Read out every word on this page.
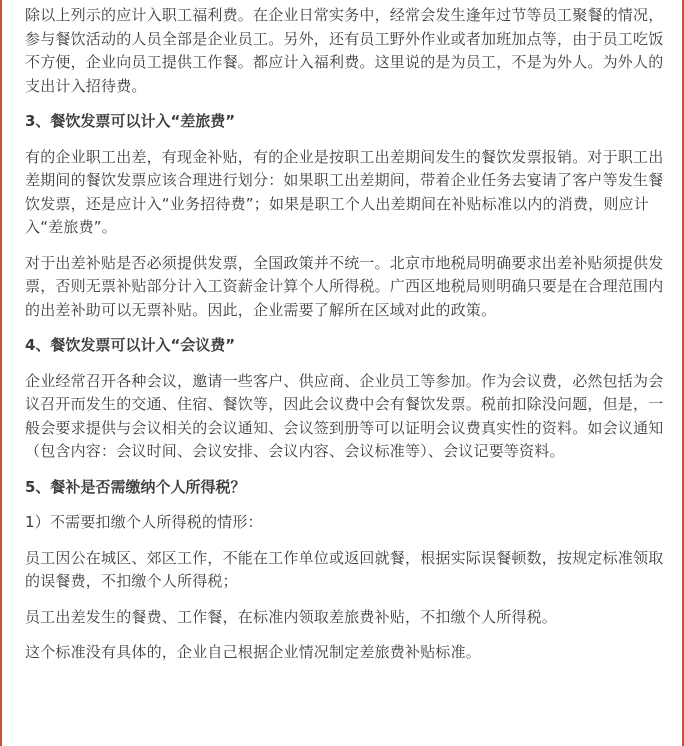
除以上列示的应计入职工福利费。在企业日常实务中，经常会发生逢年过节等员工聚餐的情况，参与餐饮活动的人员全部是企业员工。另外，还有员工野外作业或者加班加点等，由于员工吃饭不方便，企业向员工提供工作餐。都应计入福利费。这里说的是为员工，不是为外人。为外人的支出计入招待费。

3、餐饮发票可以计入“差旅费”

有的企业职工出差，有现金补贴，有的企业是按职工出差期间发生的餐饮发票报销。对于职工出差期间的餐饮发票应该合理进行划分：如果职工出差期间，带着企业任务去宴请了客户等发生餐饮发票，还是应计入“业务招待费”；如果是职工个人出差期间在补贴标准以内的消费，则应计入“差旅费”。

对于出差补贴是否必须提供发票，全国政策并不统一。北京市地税局明确要求出差补贴须提供发票，否则无票补贴部分计入工资薪金计算个人所得税。广西区地税局则明确只要是在合理范围内的出差补助可以无票补贴。因此，企业需要了解所在区域对此的政策。

4、餐饮发票可以计入“会议费”

企业经常召开各种会议，邀请一些客户、供应商、企业员工等参加。作为会议费，必然包括为会议召开而发生的交通、住宿、餐饮等，因此会议费中会有餐饮发票。税前扣除没问题，但是，一般会要求提供与会议相关的会议通知、会议签到册等可以证明会议费真实性的资料。如会议通知（包含内容：会议时间、会议安排、会议内容、会议标准等）、会议记要等资料。

5、餐补是否需缴纳个人所得税？

1）不需要扣缴个人所得税的情形：

员工因公在城区、郊区工作，不能在工作单位或返回就餐，根据实际误餐顿数，按规定标准领取的误餐费，不扣缴个人所得税；

员工出差发生的餐费、工作餐，在标准内领取差旅费补贴，不扣缴个人所得税。

这个标准没有具体的，企业自己根据企业情况制定差旅费补贴标准。
